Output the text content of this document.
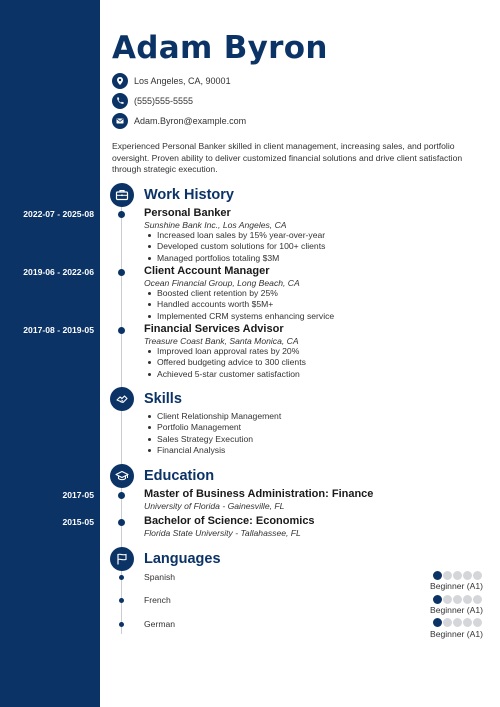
Adam Byron
Los Angeles, CA, 90001
(555)555-5555
Adam.Byron@example.com
Experienced Personal Banker skilled in client management, increasing sales, and portfolio oversight. Proven ability to deliver customized financial solutions and drive client satisfaction through strategic execution.
Work History
2022-07 - 2025-08	Personal Banker
Sunshine Bank Inc., Los Angeles, CA
Increased loan sales by 15% year-over-year
Developed custom solutions for 100+ clients
Managed portfolios totaling $3M
2019-06 - 2022-06	Client Account Manager
Ocean Financial Group, Long Beach, CA
Boosted client retention by 25%
Handled accounts worth $5M+
Implemented CRM systems enhancing service
2017-08 - 2019-05	Financial Services Advisor
Treasure Coast Bank, Santa Monica, CA
Improved loan approval rates by 20%
Offered budgeting advice to 300 clients
Achieved 5-star customer satisfaction
Skills
Client Relationship Management
Portfolio Management
Sales Strategy Execution
Financial Analysis
Education
2017-05	Master of Business Administration: Finance
University of Florida - Gainesville, FL
2015-05	Bachelor of Science: Economics
Florida State University - Tallahassee, FL
Languages
Spanish
Beginner (A1)
French
Beginner (A1)
German
Beginner (A1)
